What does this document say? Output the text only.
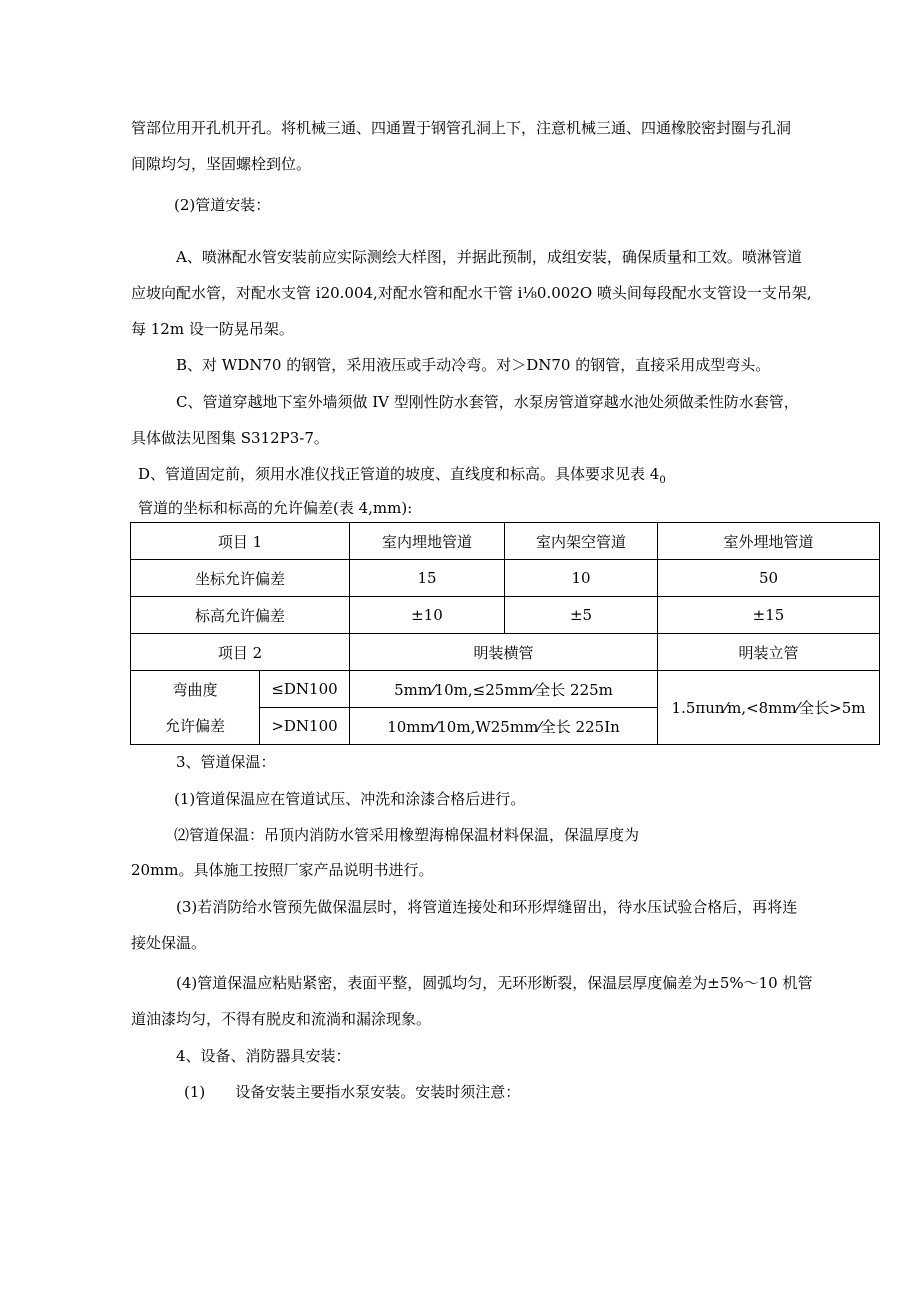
管部位用开孔机开孔。将机械三通、四通置于钢管孔洞上下，注意机械三通、四通橡胶密封圈与孔洞
间隙均匀，坚固螺栓到位。
(2)管道安装：
A、喷淋配水管安装前应实际测绘大样图，并据此预制，成组安装，确保质量和工效。喷淋管道
应坡向配水管，对配水支管 i20.004,对配水管和配水干管 i⅛0.002O 喷头间每段配水支管设一支吊架,
每 12m 设一防晃吊架。
B、对 WDN70 的钢管，采用液压或手动冷弯。对＞DN70 的钢管，直接采用成型弯头。
C、管道穿越地下室外墙须做 IV 型刚性防水套管，水泵房管道穿越水池处须做柔性防水套管，
具体做法见图集 S312P3-7。
D、管道固定前，须用水准仪找正管道的坡度、直线度和标高。具体要求见表 $4_0$
管道的坐标和标高的允许偏差(表 4,mm):
项目 1		室内埋地管道	室内架空管道	室外埋地管道
坐标允许偏差		15	10	50
标高允许偏差		±10	±5	±15
项目 2		明装横管		明装立管

弯曲度
允许偏差	≤DN100	5mm⁄10m,≤25mm⁄全长 225m		1.5πun⁄m,<8mm⁄全长>5m
	>DN100	10mm⁄10m,W25mm⁄全长 225In		
3、管道保温：
(1)管道保温应在管道试压、冲洗和涂漆合格后进行。
⑵管道保温：吊顶内消防水管采用橡塑海棉保温材料保温，保温厚度为
20mm。具体施工按照厂家产品说明书进行。
(3)若消防给水管预先做保温层时，将管道连接处和环形焊缝留出，待水压试验合格后，再将连
接处保温。
(4)管道保温应粘贴紧密，表面平整，圆弧均匀，无环形断裂，保温层厚度偏差为±5%～10 机管
道油漆均匀，不得有脱皮和流淌和漏涂现象。
4、设备、消防器具安装：
(1) 设备安装主要指水泵安装。安装时须注意：
